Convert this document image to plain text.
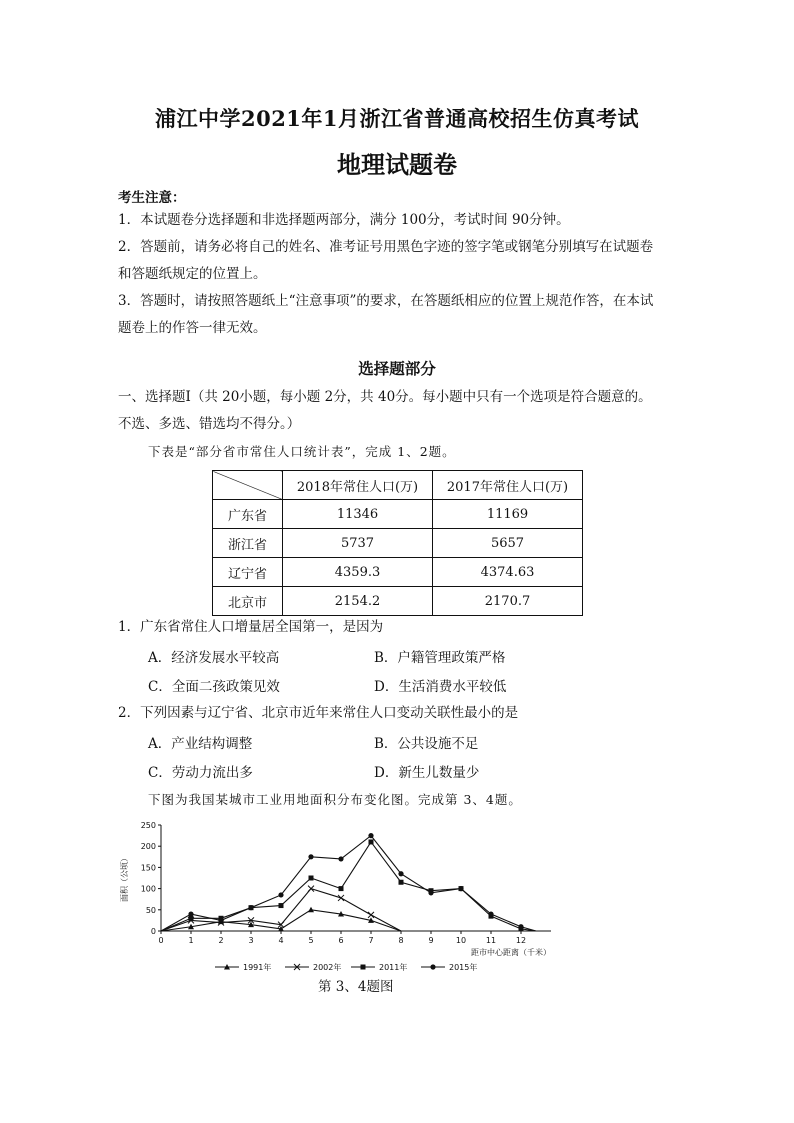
浦江中学2021年1月浙江省普通高校招生仿真考试
地理试题卷
考生注意：
1．本试题卷分选择题和非选择题两部分，满分 100分，考试时间 90分钟。
2．答题前，请务必将自己的姓名、准考证号用黑色字迹的签字笔或钢笔分别填写在试题卷
和答题纸规定的位置上。
3．答题时，请按照答题纸上“注意事项”的要求，在答题纸相应的位置上规范作答，在本试
题卷上的作答一律无效。
选择题部分
一、选择题Ⅰ（共 20小题，每小题 2分，共 40分。每小题中只有一个选项是符合题意的。
不选、多选、错选均不得分。）
下表是“部分省市常住人口统计表”，完成 1、2题。
	2018年常住人口(万)	2017年常住人口(万)
广东省	11346	11169
浙江省	5737	5657
辽宁省	4359.3	4374.63
北京市	2154.2	2170.7
1．广东省常住人口增量居全国第一，是因为
A．经济发展水平较高	B．户籍管理政策严格
C．全面二孩政策见效	D．生活消费水平较低
2．下列因素与辽宁省、北京市近年来常住人口变动关联性最小的是
A．产业结构调整	B．公共设施不足
C．劳动力流出多	D．新生儿数量少
下图为我国某城市工业用地面积分布变化图。完成第 3、4题。
0
50
100
150
200
250
0	1	2	3	4	5	6	7	8	9	10 11 12
面积（公顷）
距市中心距离（千米）
1991年	2002年	2011年	2015年
第 3、4题图
